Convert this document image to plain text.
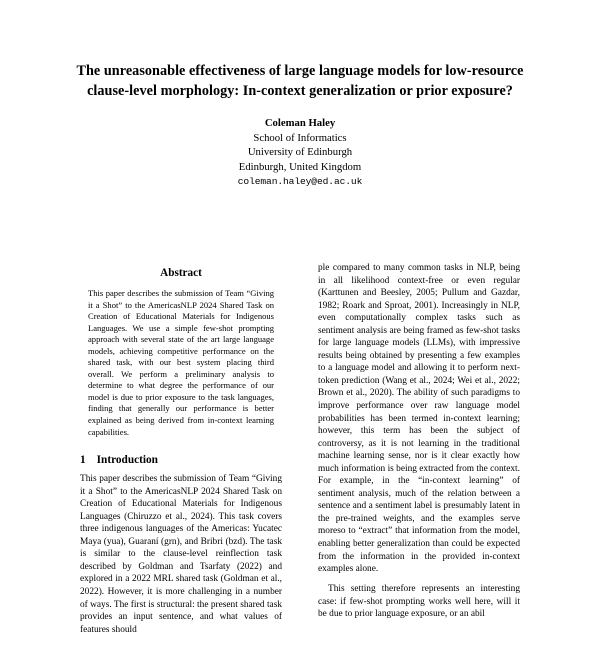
The unreasonable effectiveness of large language models for low-resource
clause-level morphology: In-context generalization or prior exposure?
Coleman Haley
School of Informatics
University of Edinburgh
Edinburgh, United Kingdom
coleman.haley@ed.ac.uk
Abstract

This paper describes the submission of Team “Giving it a Shot” to the AmericasNLP 2024 Shared Task on Creation of Educational Materials for Indigenous Languages. We use a simple few-shot prompting approach with several state of the art large language models, achieving competitive performance on the shared task, with our best system placing third overall. We perform a preliminary analysis to determine to what degree the performance of our model is due to prior exposure to the task languages, finding that generally our performance is better explained as being derived from in-context learning capabilities.

1 Introduction

This paper describes the submission of Team “Giving it a Shot” to the AmericasNLP 2024 Shared Task on Creation of Educational Materials for Indigenous Languages (Chiruzzo et al., 2024). This task covers three indigenous languages of the Americas: Yucatec Maya (yua), Guaraní (grn), and Bribri (bzd). The task is similar to the clause-level reinflection task described by Goldman and Tsarfaty (2022) and explored in a 2022 MRL shared task (Goldman et al., 2022). However, it is more challenging in a number of ways. The first is structural: the present shared task provides an input sentence, and what values of features should

ple compared to many common tasks in NLP, being in all likelihood context-free or even regular (Karttunen and Beesley, 2005; Pullum and Gazdar, 1982; Roark and Sproat, 2001). Increasingly in NLP, even computationally complex tasks such as sentiment analysis are being framed as few-shot tasks for large language models (LLMs), with impressive results being obtained by presenting a few examples to a language model and allowing it to perform next-token prediction (Wang et al., 2024; Wei et al., 2022; Brown et al., 2020). The ability of such paradigms to improve performance over raw language model probabilities has been termed in-context learning; however, this term has been the subject of controversy, as it is not learning in the traditional machine learning sense, nor is it clear exactly how much information is being extracted from the context. For example, in the “in-context learning” of sentiment analysis, much of the relation between a sentence and a sentiment label is presumably latent in the pre-trained weights, and the examples serve moreso to “extract” that information from the model, enabling better generalization than could be expected from the information in the provided in-context examples alone.

This setting therefore represents an interesting case: if few-shot prompting works well here, will it be due to prior language exposure, or an abil
